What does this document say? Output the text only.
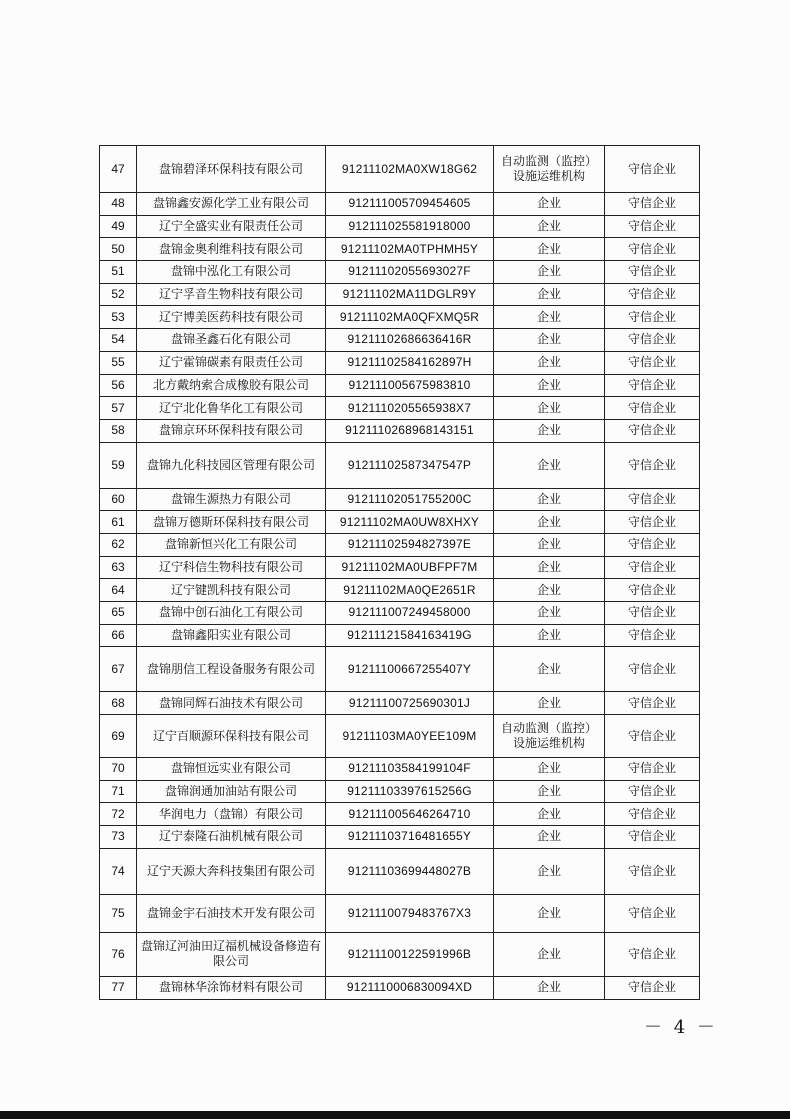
47	盘锦碧泽环保科技有限公司	91211102MA0XW18G62	自动监测（监控）设施运维机构	守信企业
48	盘锦鑫安源化学工业有限公司	912111005709454605	企业	守信企业
49	辽宁全盛实业有限责任公司	912111025581918000	企业	守信企业
50	盘锦金奥利维科技有限公司	91211102MA0TPHMH5Y	企业	守信企业
51	盘锦中泓化工有限公司	91211102055693027F	企业	守信企业
52	辽宁孚音生物科技有限公司	91211102MA11DGLR9Y	企业	守信企业
53	辽宁博美医药科技有限公司	91211102MA0QFXMQ5R	企业	守信企业
54	盘锦圣鑫石化有限公司	91211102686636416R	企业	守信企业
55	辽宁霍锦碳素有限责任公司	91211102584162897H	企业	守信企业
56	北方戴纳索合成橡胶有限公司	912111005675983810	企业	守信企业
57	辽宁北化鲁华化工有限公司	9121110205565938X7	企业	守信企业
58	盘锦京环环保科技有限公司	9121110268968143151	企业	守信企业
59	盘锦九化科技园区管理有限公司	91211102587347547P	企业	守信企业
60	盘锦生源热力有限公司	91211102051755200C	企业	守信企业
61	盘锦万德斯环保科技有限公司	91211102MA0UW8XHXY	企业	守信企业
62	盘锦新恒兴化工有限公司	91211102594827397E	企业	守信企业
63	辽宁科信生物科技有限公司	91211102MA0UBFPF7M	企业	守信企业
64	辽宁键凯科技有限公司	91211102MA0QE2651R	企业	守信企业
65	盘锦中创石油化工有限公司	912111007249458000	企业	守信企业
66	盘锦鑫阳实业有限公司	91211121584163419G	企业	守信企业
67	盘锦朋信工程设备服务有限公司	91211100667255407Y	企业	守信企业
68	盘锦同辉石油技术有限公司	91211100725690301J	企业	守信企业
69	辽宁百顺源环保科技有限公司	91211103MA0YEE109M	自动监测（监控）设施运维机构	守信企业
70	盘锦恒远实业有限公司	91211103584199104F	企业	守信企业
71	盘锦润通加油站有限公司	91211103397615256G	企业	守信企业
72	华润电力（盘锦）有限公司	912111005646264710	企业	守信企业
73	辽宁泰隆石油机械有限公司	91211103716481655Y	企业	守信企业
74	辽宁天源大奔科技集团有限公司	91211103699448027B	企业	守信企业
75	盘锦金宇石油技术开发有限公司	9121110079483767X3	企业	守信企业
76	盘锦辽河油田辽福机械设备修造有限公司	91211100122591996B	企业	守信企业
77	盘锦林华涂饰材料有限公司	9121110006830094XD	企业	守信企业
－ 4 －
